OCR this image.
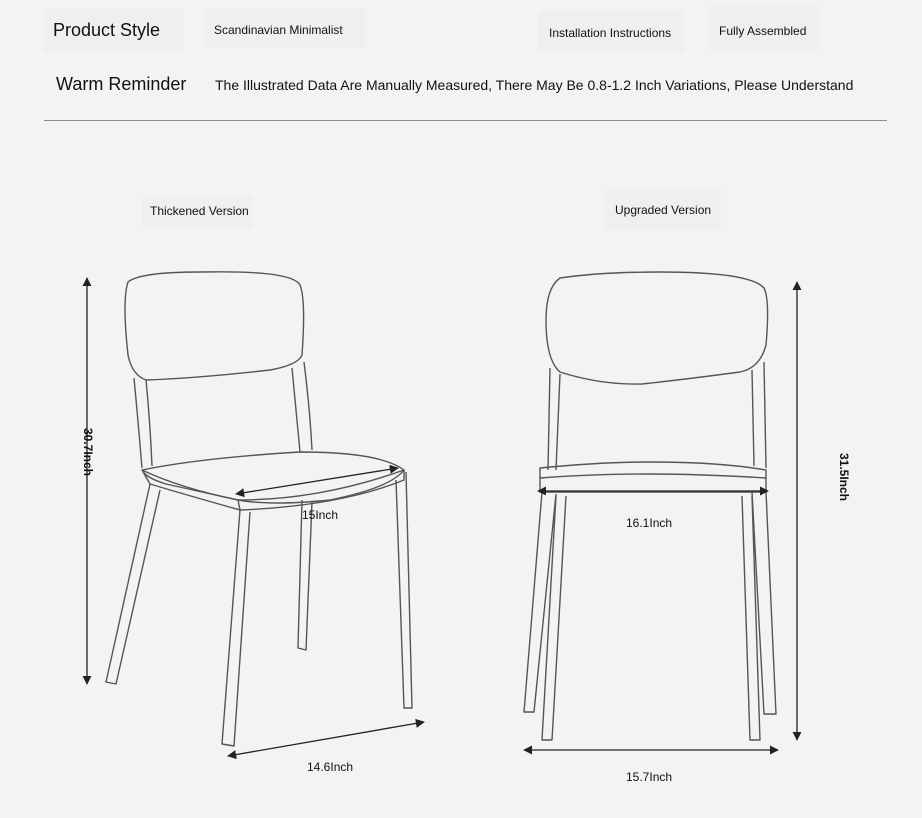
Product Style	Scandinavian Minimalist	Installation Instructions	Fully Assembled
Warm Reminder The Illustrated Data Are Manually Measured, There May Be 0.8-1.2 Inch Variations, Please Understand
Thickened Version
30.7Inch
15Inch
14.6Inch
Upgraded Version
31.5Inch
16.1Inch
15.7Inch
